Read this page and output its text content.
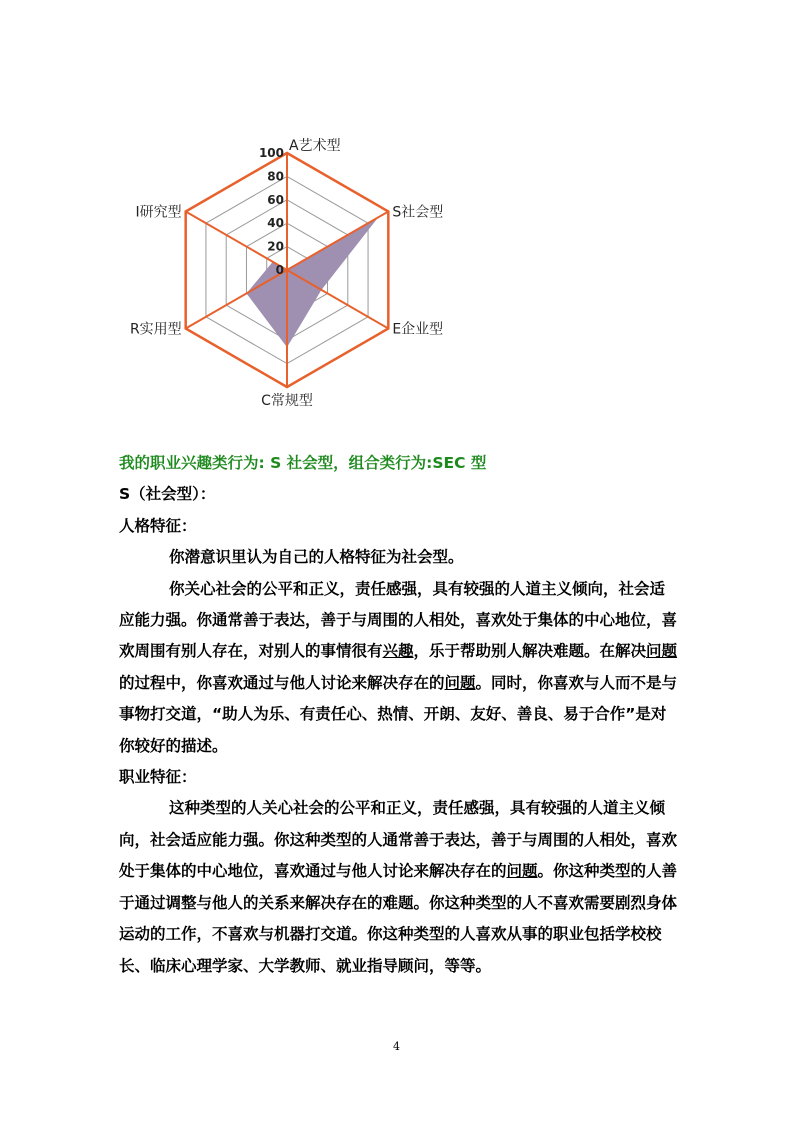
100
80
60
40
20
0
A艺术型
S社会型
E企业型
C常规型
R实用型
I研究型

我的职业兴趣类行为: S 社会型，组合类行为:SEC 型

S（社会型）：

人格特征：

你潜意识里认为自己的人格特征为社会型。

你关心社会的公平和正义，责任感强，具有较强的人道主义倾向，社会适应能力强。你通常善于表达，善于与周围的人相处，喜欢处于集体的中心地位，喜欢周围有别人存在，对别人的事情很有兴趣，乐于帮助别人解决难题。在解决问题的过程中，你喜欢通过与他人讨论来解决存在的问题。同时，你喜欢与人而不是与事物打交道，“助人为乐、有责任心、热情、开朗、友好、善良、易于合作”是对你较好的描述。

职业特征：

这种类型的人关心社会的公平和正义，责任感强，具有较强的人道主义倾向，社会适应能力强。你这种类型的人通常善于表达，善于与周围的人相处，喜欢处于集体的中心地位，喜欢通过与他人讨论来解决存在的问题。你这种类型的人善于通过调整与他人的关系来解决存在的难题。你这种类型的人不喜欢需要剧烈身体运动的工作，不喜欢与机器打交道。你这种类型的人喜欢从事的职业包括学校校长、临床心理学家、大学教师、就业指导顾问，等等。

4
